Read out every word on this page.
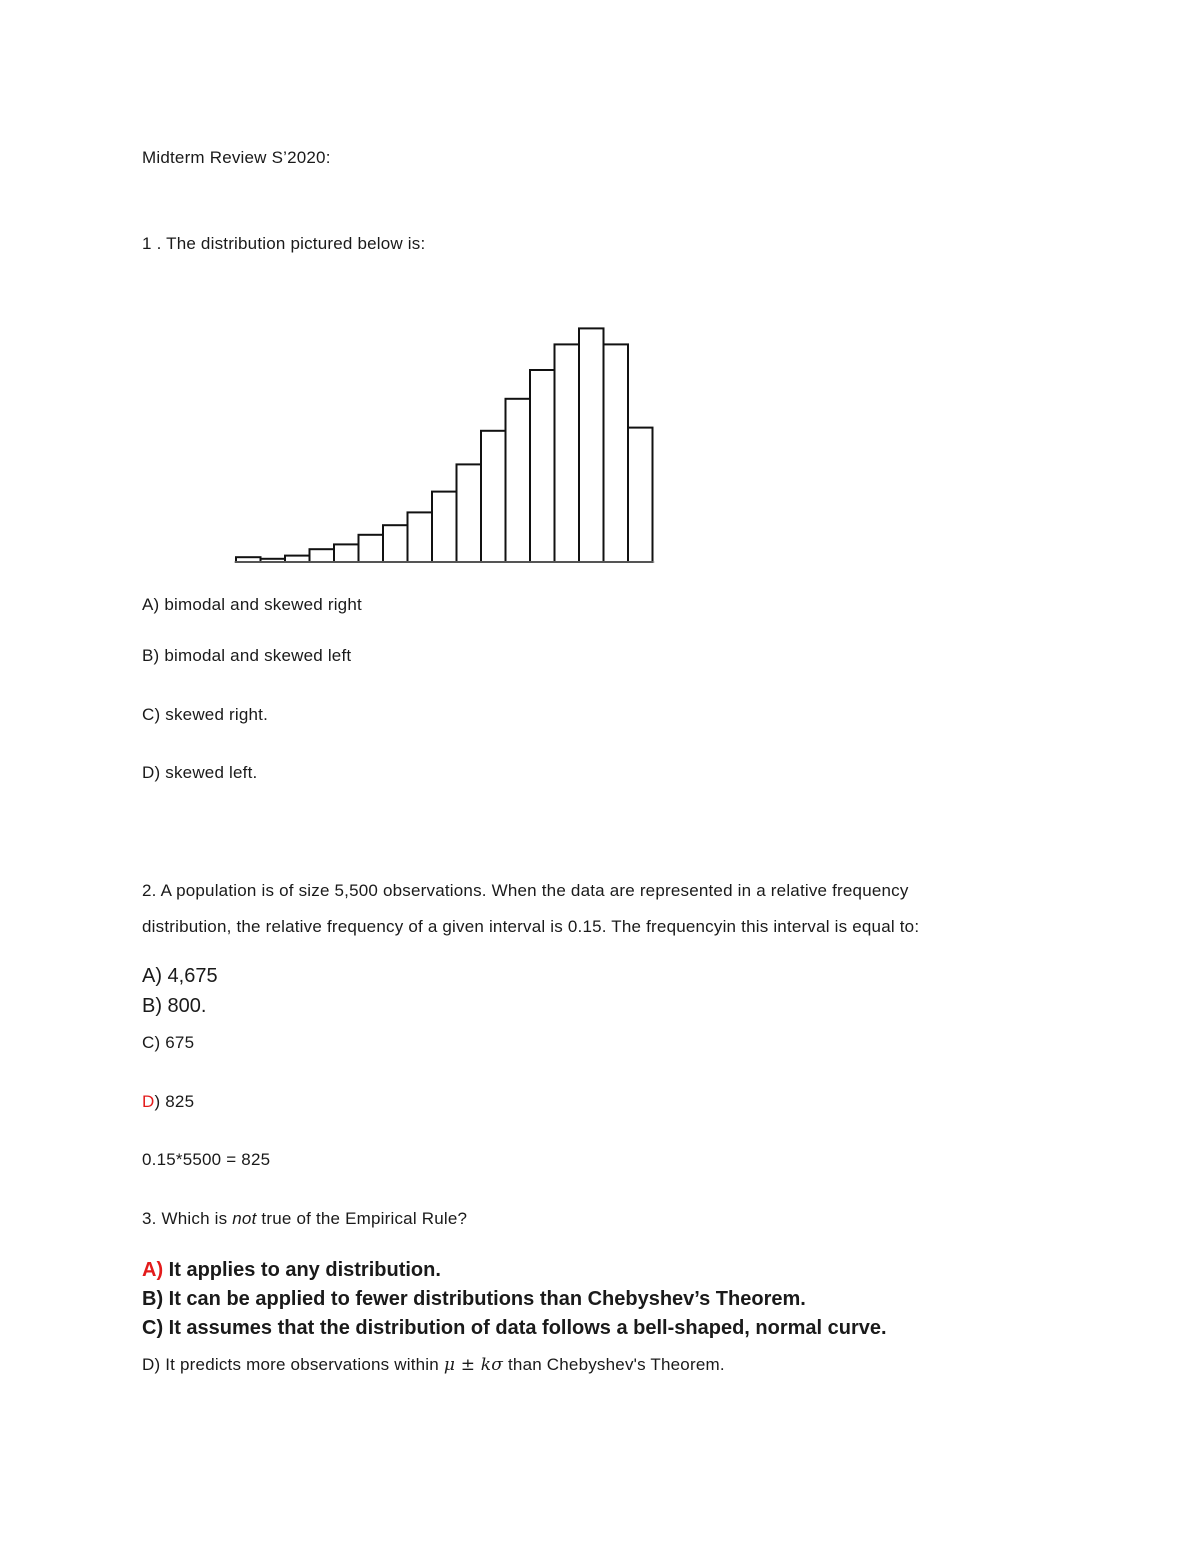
Midterm Review S’2020:
1 . The distribution pictured below is:
A) bimodal and skewed right
B) bimodal and skewed left
C) skewed right.
D) skewed left.
2. A population is of size 5,500 observations. When the data are represented in a relative frequency
distribution, the relative frequency of a given interval is 0.15. The frequencyin this interval is equal to:
A) 4,675
B) 800.
C) 675
D) 825
0.15*5500 = 825
3. Which is not true of the Empirical Rule?
A) It applies to any distribution.
B) It can be applied to fewer distributions than Chebyshev’s Theorem.
C) It assumes that the distribution of data follows a bell-shaped, normal curve.
D) It predicts more observations within μ ± kσ than Chebyshev's Theorem.
